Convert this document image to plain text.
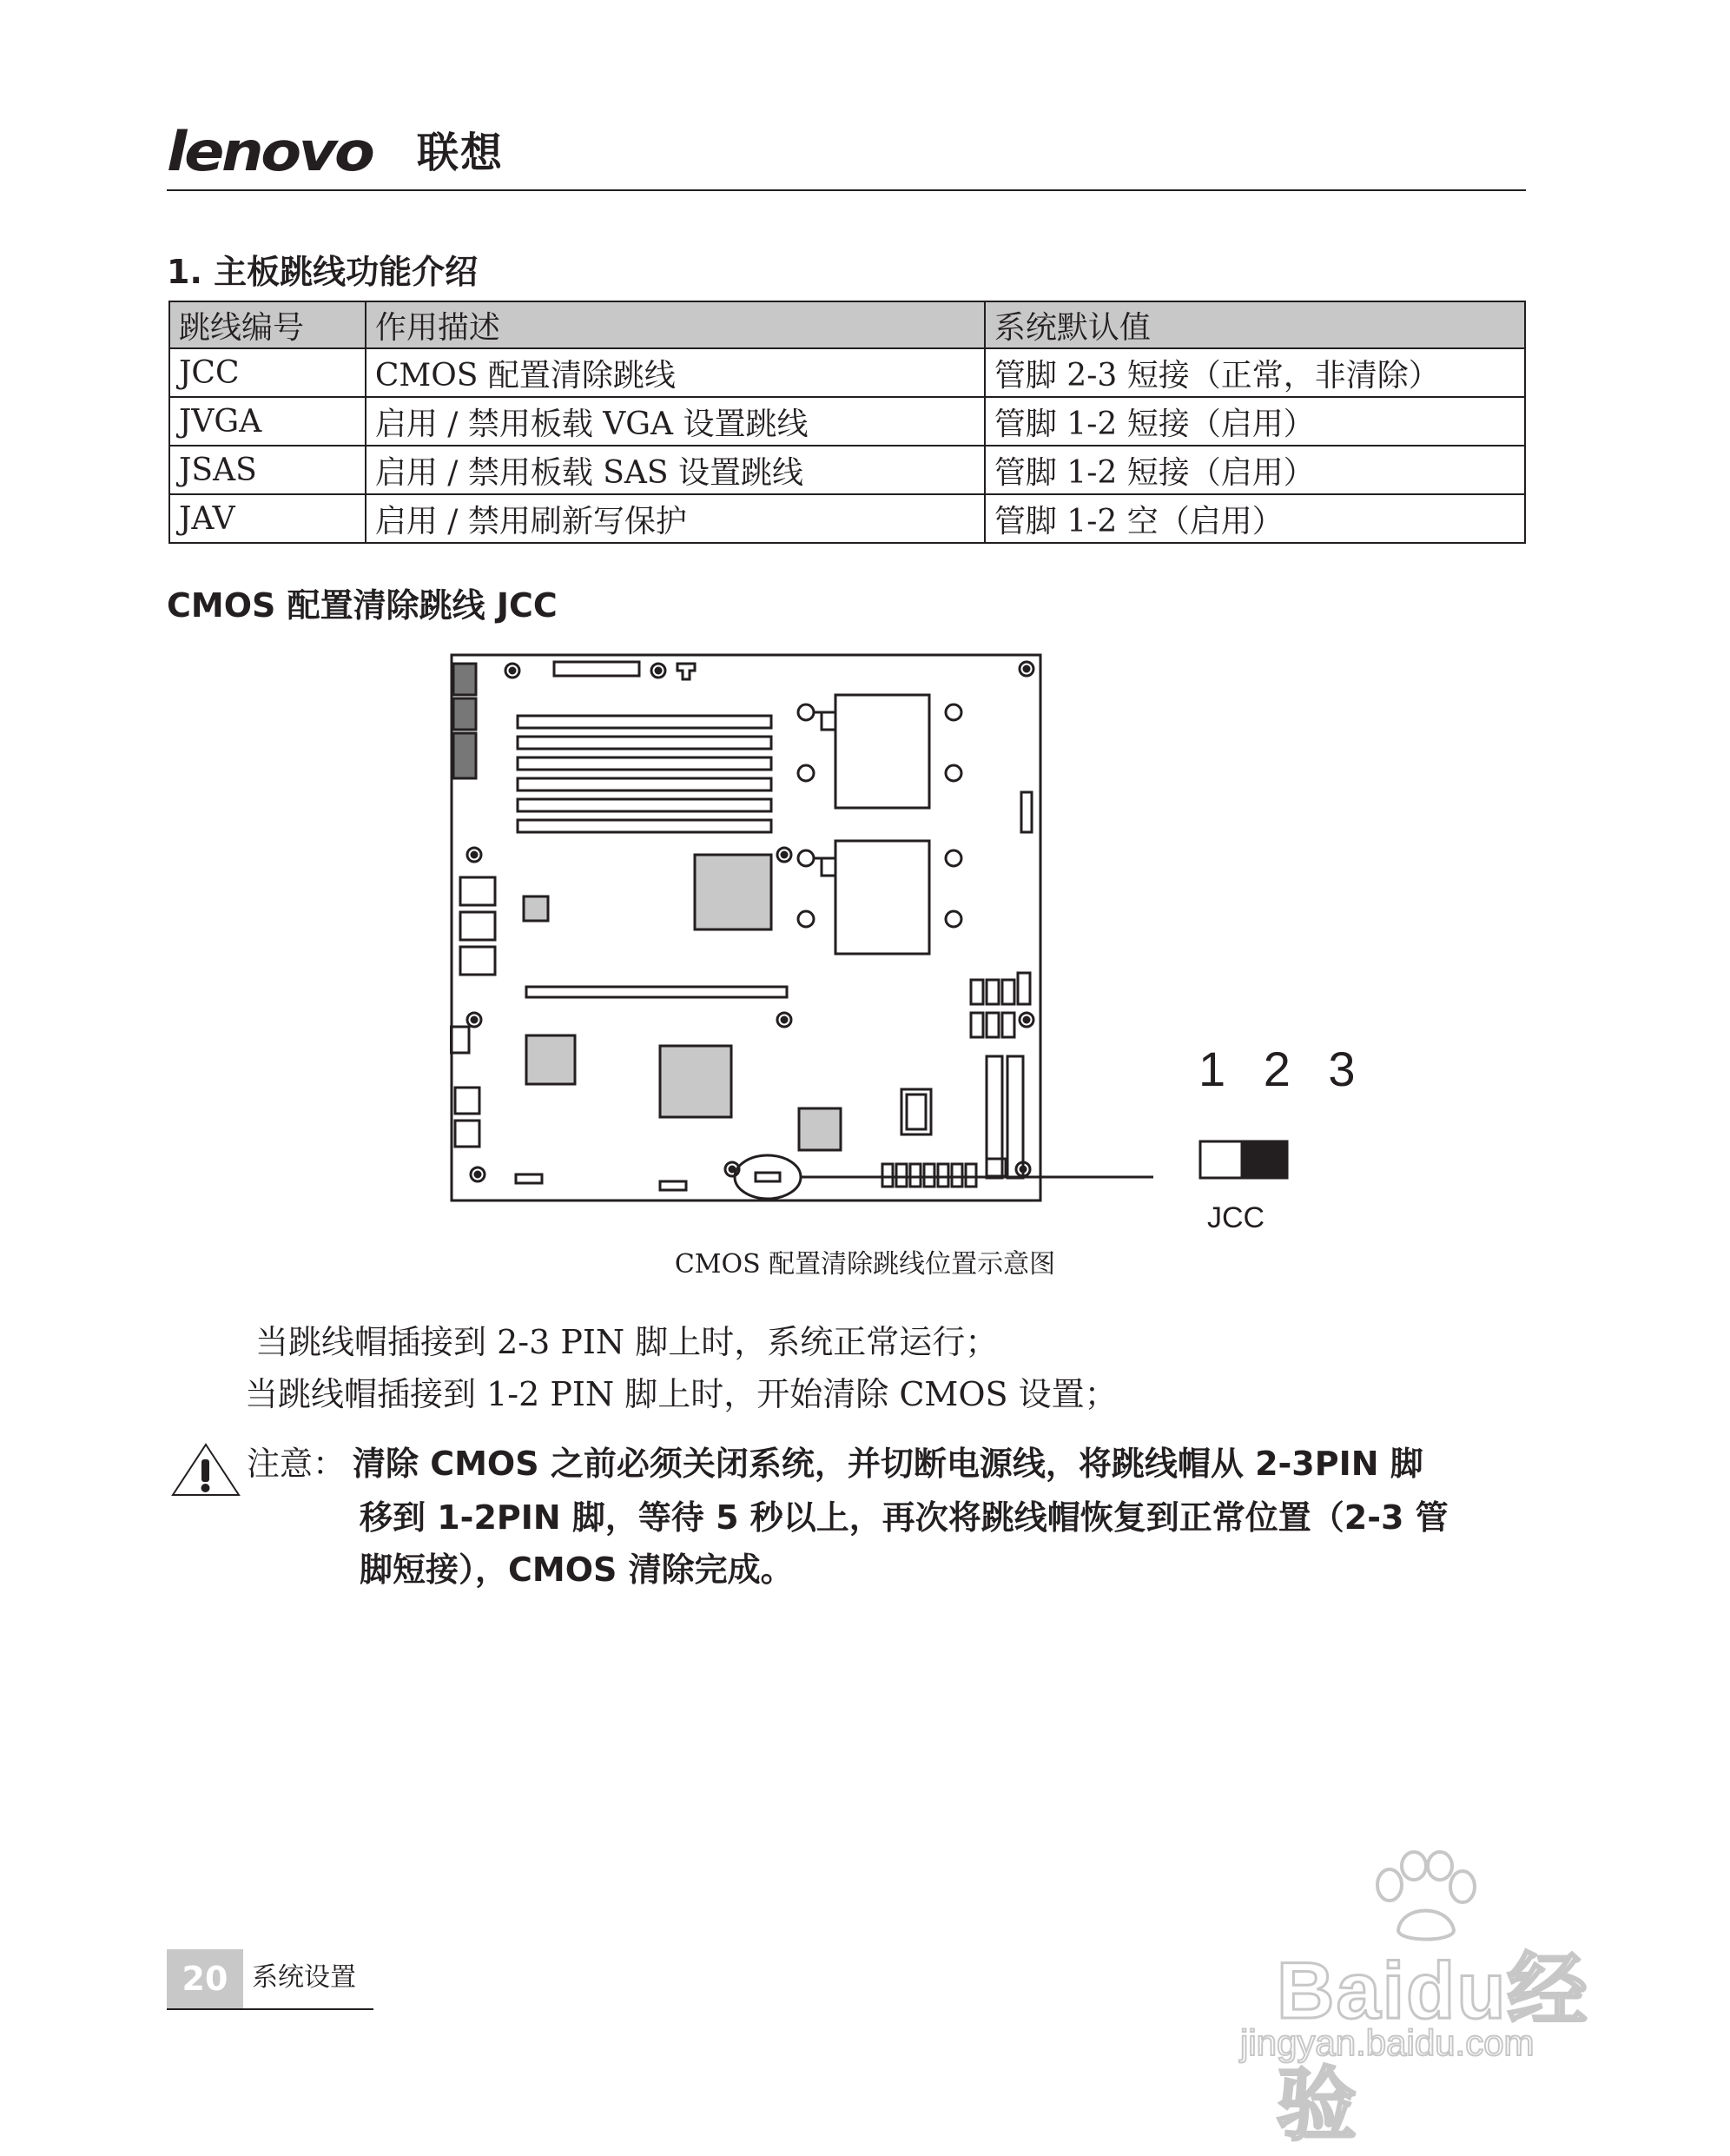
lenovo 联想
1. 主板跳线功能介绍
跳线编号	作用描述	系统默认值
JCC	CMOS 配置清除跳线	管脚 2-3 短接（正常，非清除）
JVGA	启用 / 禁用板载 VGA 设置跳线	管脚 1-2 短接（启用）
JSAS	启用 / 禁用板载 SAS 设置跳线	管脚 1-2 短接（启用）
JAV	启用 / 禁用刷新写保护	管脚 1-2 空（启用）
CMOS 配置清除跳线 JCC
1 2 3
JCC
CMOS 配置清除跳线位置示意图
当跳线帽插接到 2-3 PIN 脚上时，系统正常运行；
当跳线帽插接到 1-2 PIN 脚上时，开始清除 CMOS 设置；
注意： 清除 CMOS 之前必须关闭系统，并切断电源线，将跳线帽从 2-3PIN 脚
移到 1-2PIN 脚，等待 5 秒以上，再次将跳线帽恢复到正常位置（2-3 管
脚短接），CMOS 清除完成。
20 系统设置	Baidu经验
jingyan.baidu.com
